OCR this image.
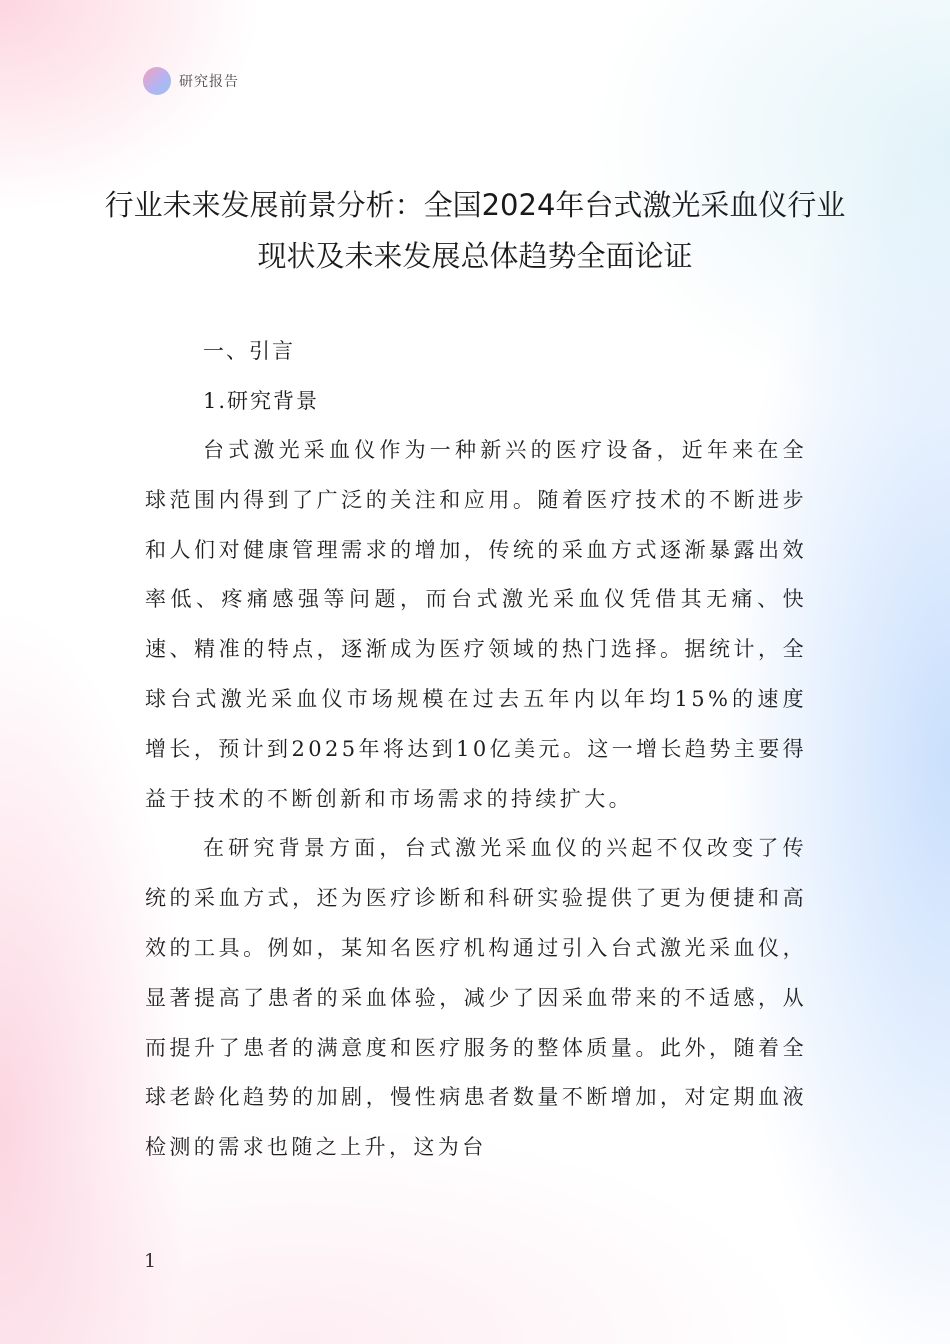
研究报告
行业未来发展前景分析：全国2024年台式激光采血仪行业现状及未来发展总体趋势全面论证

一、引言

1.研究背景

台式激光采血仪作为一种新兴的医疗设备，近年来在全球范围内得到了广泛的关注和应用。随着医疗技术的不断进步和人们对健康管理需求的增加，传统的采血方式逐渐暴露出效率低、疼痛感强等问题，而台式激光采血仪凭借其无痛、快速、精准的特点，逐渐成为医疗领域的热门选择。据统计，全球台式激光采血仪市场规模在过去五年内以年均15%的速度增长，预计到2025年将达到10亿美元。这一增长趋势主要得益于技术的不断创新和市场需求的持续扩大。

在研究背景方面，台式激光采血仪的兴起不仅改变了传统的采血方式，还为医疗诊断和科研实验提供了更为便捷和高效的工具。例如，某知名医疗机构通过引入台式激光采血仪，显著提高了患者的采血体验，减少了因采血带来的不适感，从而提升了患者的满意度和医疗服务的整体质量。此外，随着全球老龄化趋势的加剧，慢性病患者数量不断增加，对定期血液检测的需求也随之上升，这为台

1
